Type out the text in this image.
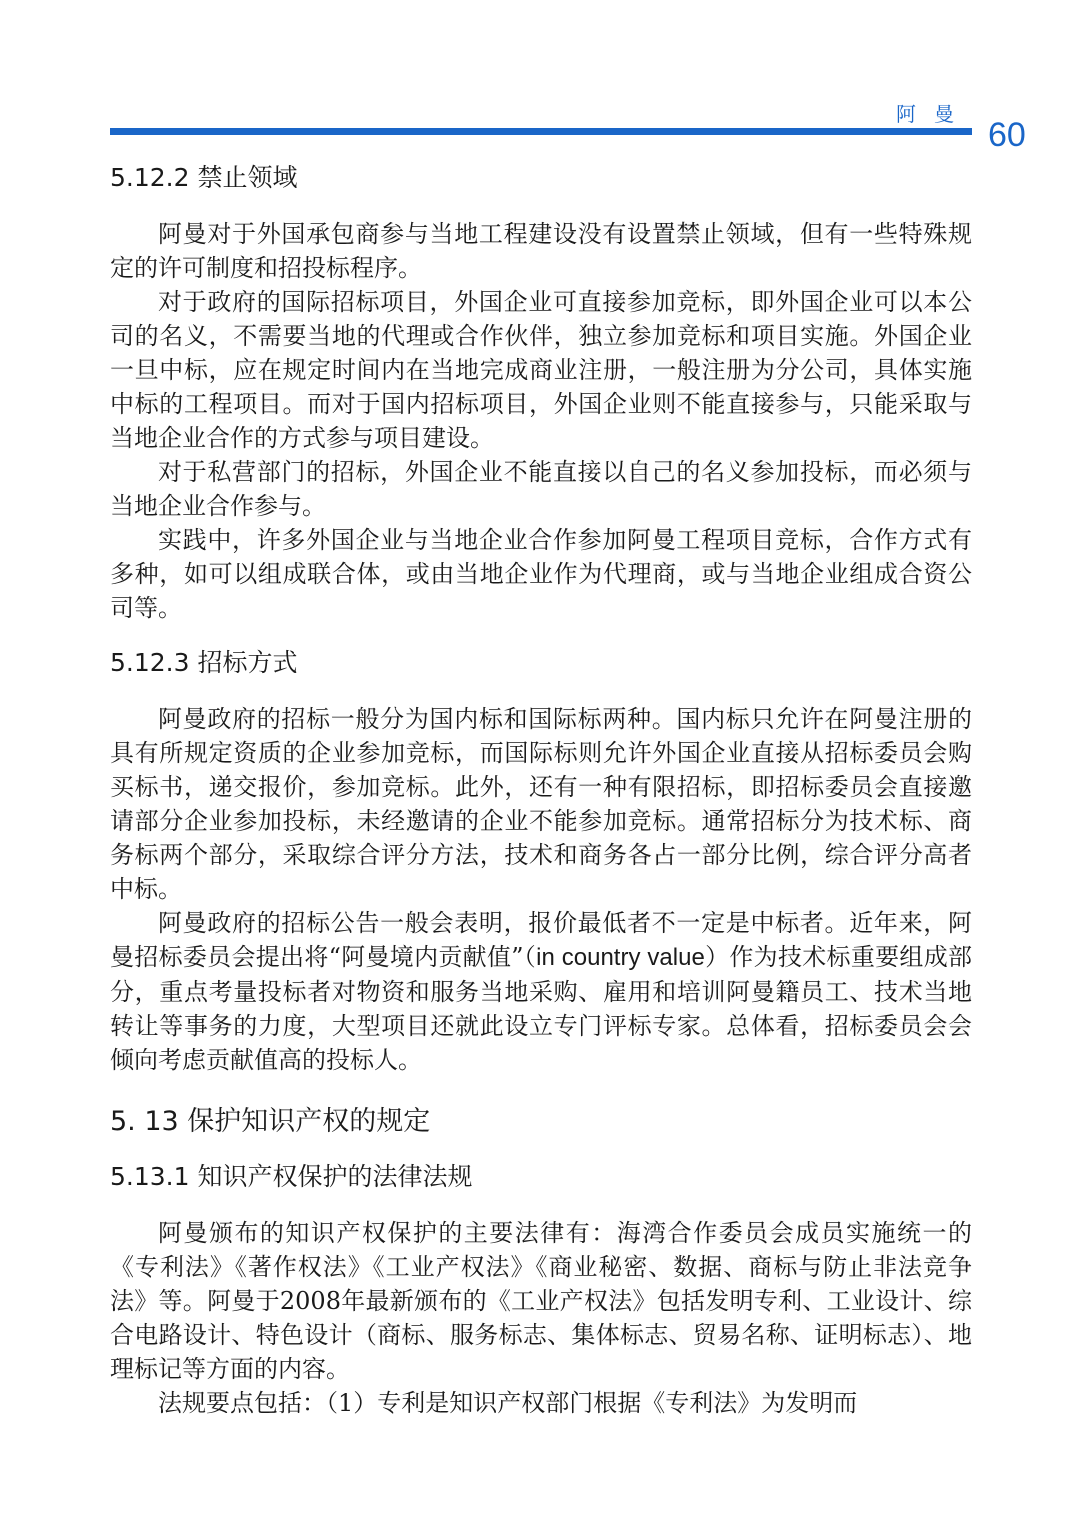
阿曼
60
5.12.2 禁止领域

阿曼对于外国承包商参与当地工程建设没有设置禁止领域，但有一些特殊规定的许可制度和招投标程序。

对于政府的国际招标项目，外国企业可直接参加竞标，即外国企业可以本公司的名义，不需要当地的代理或合作伙伴，独立参加竞标和项目实施。外国企业一旦中标，应在规定时间内在当地完成商业注册，一般注册为分公司，具体实施中标的工程项目。而对于国内招标项目，外国企业则不能直接参与，只能采取与当地企业合作的方式参与项目建设。

对于私营部门的招标，外国企业不能直接以自己的名义参加投标，而必须与当地企业合作参与。

实践中，许多外国企业与当地企业合作参加阿曼工程项目竞标，合作方式有多种，如可以组成联合体，或由当地企业作为代理商，或与当地企业组成合资公司等。

5.12.3 招标方式

阿曼政府的招标一般分为国内标和国际标两种。国内标只允许在阿曼注册的具有所规定资质的企业参加竞标，而国际标则允许外国企业直接从招标委员会购买标书，递交报价，参加竞标。此外，还有一种有限招标，即招标委员会直接邀请部分企业参加投标，未经邀请的企业不能参加竞标。通常招标分为技术标、商务标两个部分，采取综合评分方法，技术和商务各占一部分比例，综合评分高者中标。

阿曼政府的招标公告一般会表明，报价最低者不一定是中标者。近年来，阿曼招标委员会提出将“阿曼境内贡献值”（in country value）作为技术标重要组成部分，重点考量投标者对物资和服务当地采购、雇用和培训阿曼籍员工、技术当地转让等事务的力度，大型项目还就此设立专门评标专家。总体看，招标委员会会倾向考虑贡献值高的投标人。

5. 13 保护知识产权的规定
5.13.1 知识产权保护的法律法规

阿曼颁布的知识产权保护的主要法律有：海湾合作委员会成员实施统一的《专利法》《著作权法》《工业产权法》《商业秘密、数据、商标与防止非法竞争法》等。阿曼于2008年最新颁布的《工业产权法》包括发明专利、工业设计、综合电路设计、特色设计（商标、服务标志、集体标志、贸易名称、证明标志）、地理标记等方面的内容。

法规要点包括：（1）专利是知识产权部门根据《专利法》为发明而
